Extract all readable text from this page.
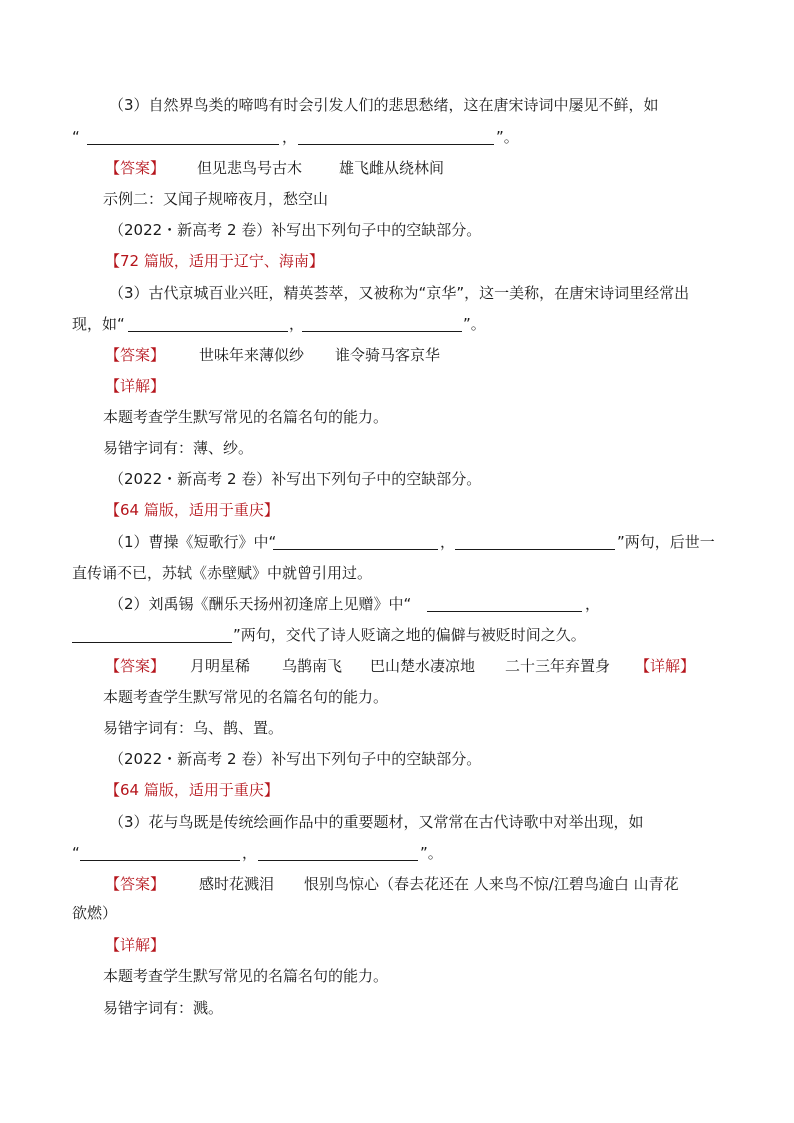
（3）自然界鸟类的啼鸣有时会引发人们的悲思愁绪，这在唐宋诗词中屡见不鲜，如
“	，	”。
【答案】 但见悲鸟号古木 雄飞雌从绕林间
示例二：又闻子规啼夜月，愁空山
（2022・新高考 2 卷）补写出下列句子中的空缺部分。
【72 篇版，适用于辽宁、海南】
（3）古代京城百业兴旺，精英荟萃，又被称为“京华”，这一美称，在唐宋诗词里经常出
现，如“	，	”。
【答案】 世味年来薄似纱 谁令骑马客京华
【详解】
本题考查学生默写常见的名篇名句的能力。
易错字词有：薄、纱。
（2022・新高考 2 卷）补写出下列句子中的空缺部分。
【64 篇版，适用于重庆】
（1）曹操《短歌行》中“	，	”两句，后世一
直传诵不已，苏轼《赤壁赋》中就曾引用过。
（2）刘禹锡《酬乐天扬州初逢席上见赠》中“	，
”两句，交代了诗人贬谪之地的偏僻与被贬时间之久。
【答案】 月明星稀 乌鹊南飞 巴山楚水凄凉地 二十三年弃置身 【详解】
本题考查学生默写常见的名篇名句的能力。
易错字词有：乌、鹊、置。
（2022・新高考 2 卷）补写出下列句子中的空缺部分。
【64 篇版，适用于重庆】
（3）花与鸟既是传统绘画作品中的重要题材，又常常在古代诗歌中对举出现，如
“	，	”。
【答案】 感时花溅泪 恨别鸟惊心 （春去花还在 人来鸟不惊/江碧鸟逾白 山青花
欲燃）
【详解】
本题考查学生默写常见的名篇名句的能力。
易错字词有：溅。
